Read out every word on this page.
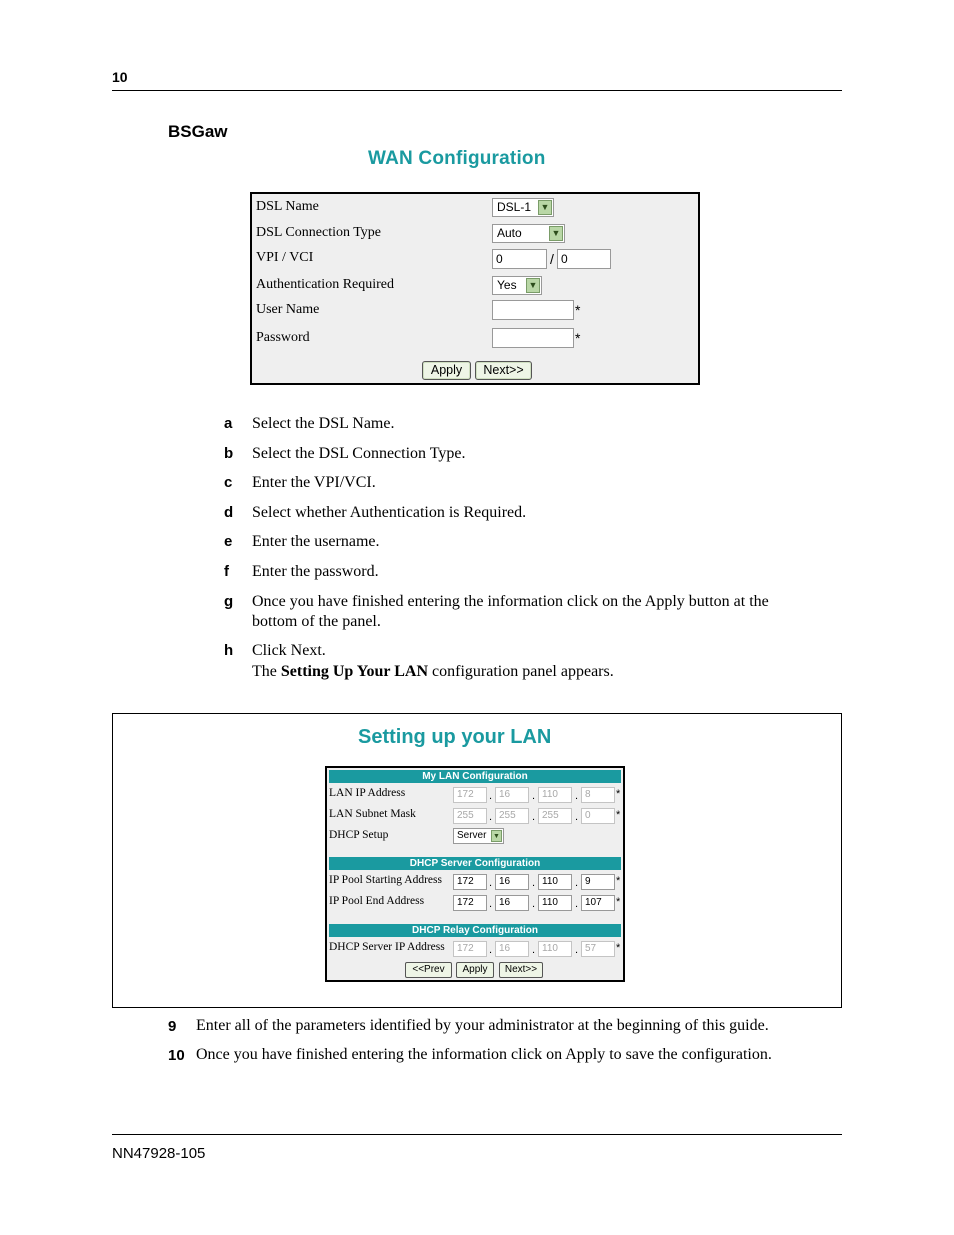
10
BSGaw
WAN Configuration
DSL Name	DSL-1 ▼
DSL Connection Type	Auto	▼
VPI / VCI	0	/ 0
Authentication Required	Yes ▼
User Name	*
Password	*
Apply	Next>>
a Select the DSL Name.
b Select the DSL Connection Type.
c Enter the VPI/VCI.
d Select whether Authentication is Required.
e Enter the username.
f Enter the password.
g Once you have finished entering the information click on the Apply button at the bottom of the panel.
h Click Next.
The Setting Up Your LAN configuration panel appears.
Setting up your LAN
My LAN Configuration
LAN IP Address	172	. 16	. 110	. 8	*
LAN Subnet Mask	255	. 255	. 255	. 0	*
DHCP Setup	Server ▼
DHCP Server Configuration
IP Pool Starting Address	172	. 16	. 110	. 9	*
IP Pool End Address	172	. 16	. 110	. 107	*
DHCP Relay Configuration
DHCP Server IP Address	172	. 16	. 110	. 57	*
<<Prev	Apply	Next>>
9 Enter all of the parameters identified by your administrator at the beginning of this guide.
10 Once you have finished entering the information click on Apply to save the configuration.
NN47928-105
